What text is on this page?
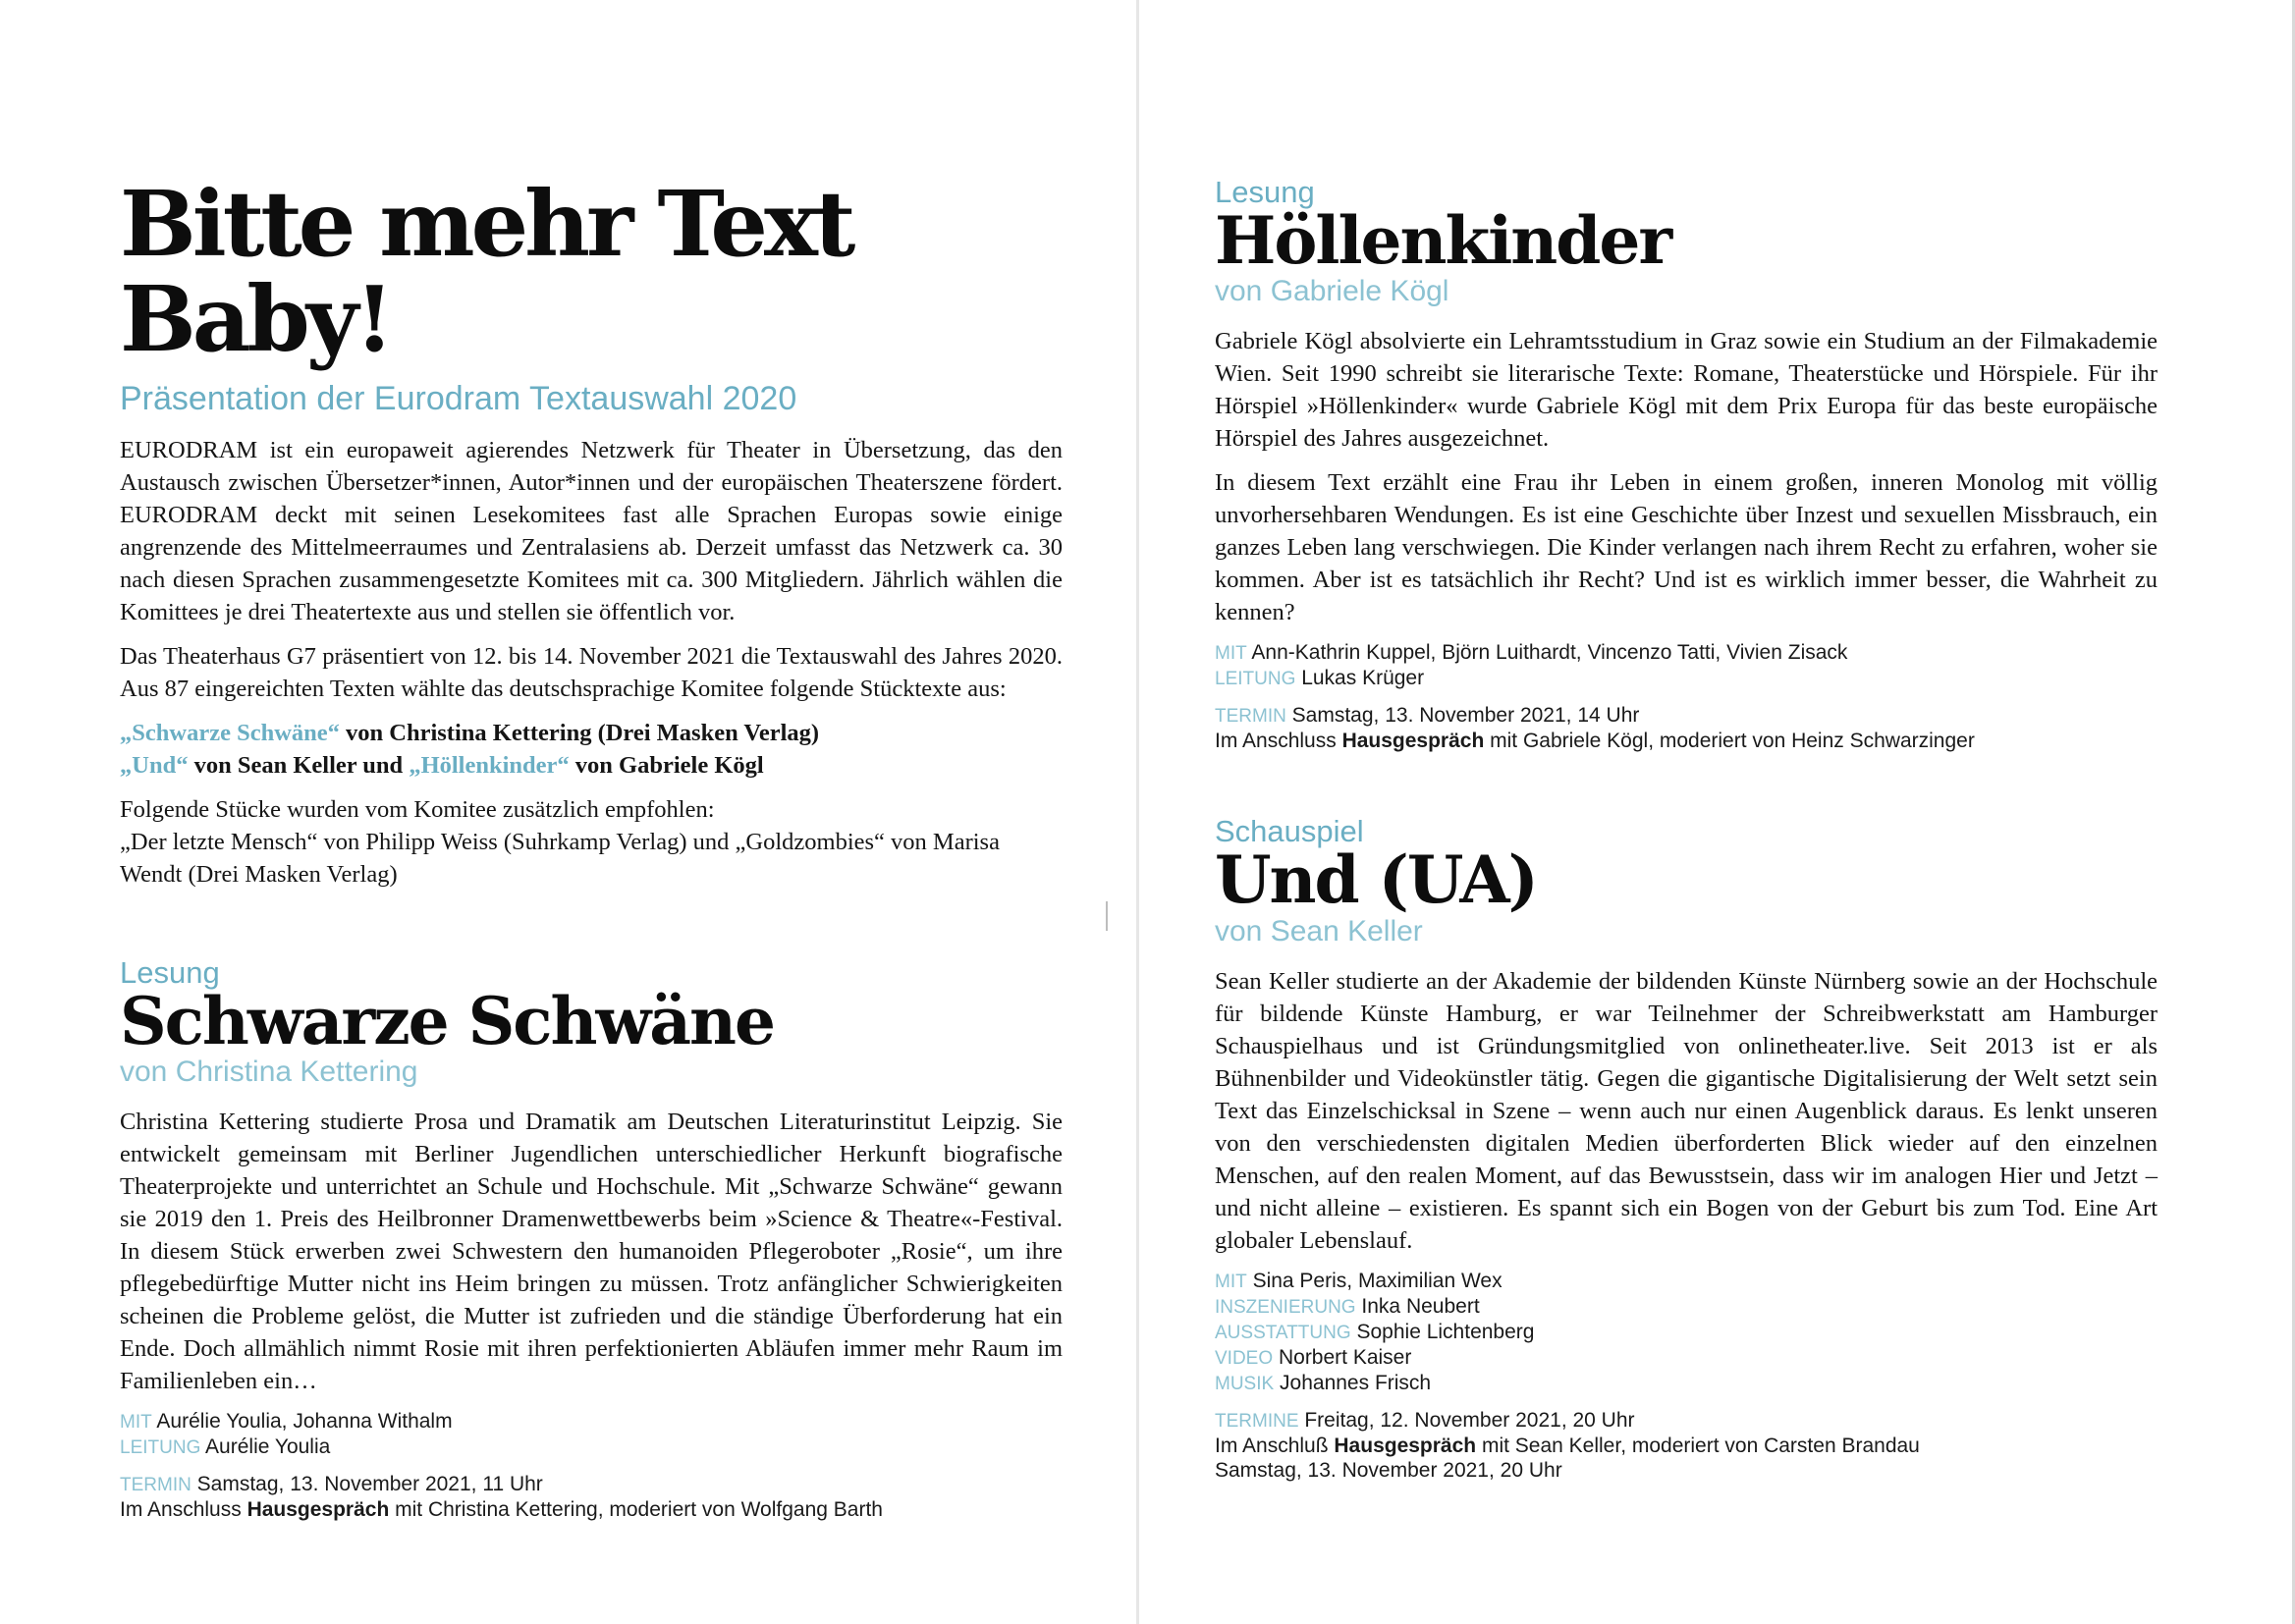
Bitte mehr Text Baby!
Präsentation der Eurodram Textauswahl 2020

EURODRAM ist ein europaweit agierendes Netzwerk für Theater in Übersetzung, das den Austausch zwischen Übersetzer*innen, Autor*innen und der europäischen Theaterszene fördert. EURODRAM deckt mit seinen Lesekomitees fast alle Sprachen Europas sowie einige angrenzende des Mittelmeerraumes und Zentralasiens ab. Derzeit umfasst das Netzwerk ca. 30 nach diesen Sprachen zusammengesetzte Komitees mit ca. 300 Mitgliedern. Jährlich wählen die Komittees je drei Theatertexte aus und stellen sie öffentlich vor.

Das Theaterhaus G7 präsentiert von 12. bis 14. November 2021 die Textauswahl des Jahres 2020. Aus 87 eingereichten Texten wählte das deutschsprachige Komitee folgende Stücktexte aus:

„Schwarze Schwäne“ von Christina Kettering (Drei Masken Verlag)
„Und“ von Sean Keller und „Höllenkinder“ von Gabriele Kögl

Folgende Stücke wurden vom Komitee zusätzlich empfohlen:
„Der letzte Mensch“ von Philipp Weiss (Suhrkamp Verlag) und „Goldzombies“ von Marisa Wendt (Drei Masken Verlag)

Lesung
Schwarze Schwäne
von Christina Kettering

Christina Kettering studierte Prosa und Dramatik am Deutschen Literaturinstitut Leipzig. Sie entwickelt gemeinsam mit Berliner Jugendlichen unterschiedlicher Herkunft biografische Theaterprojekte und unterrichtet an Schule und Hochschule. Mit „Schwarze Schwäne“ gewann sie 2019 den 1. Preis des Heilbronner Dramenwettbewerbs beim »Science & Theatre«-Festival. In diesem Stück erwerben zwei Schwestern den humanoiden Pflegeroboter „Rosie“, um ihre pflegebedürftige Mutter nicht ins Heim bringen zu müssen. Trotz anfänglicher Schwierigkeiten scheinen die Probleme gelöst, die Mutter ist zufrieden und die ständige Überforderung hat ein Ende. Doch allmählich nimmt Rosie mit ihren perfektionierten Abläufen immer mehr Raum im Familienleben ein…

MIT Aurélie Youlia, Johanna Withalm
LEITUNG Aurélie Youlia
TERMIN Samstag, 13. November 2021, 11 Uhr
Im Anschluss Hausgespräch mit Christina Kettering, moderiert von Wolfgang Barth
Lesung
Höllenkinder
von Gabriele Kögl

Gabriele Kögl absolvierte ein Lehramtsstudium in Graz sowie ein Studium an der Filmakademie Wien. Seit 1990 schreibt sie literarische Texte: Romane, Theaterstücke und Hörspiele. Für ihr Hörspiel »Höllenkinder« wurde Gabriele Kögl mit dem Prix Europa für das beste europäische Hörspiel des Jahres ausgezeichnet.

In diesem Text erzählt eine Frau ihr Leben in einem großen, inneren Monolog mit völlig unvorhersehbaren Wendungen. Es ist eine Geschichte über Inzest und sexuellen Missbrauch, ein ganzes Leben lang verschwiegen. Die Kinder verlangen nach ihrem Recht zu erfahren, woher sie kommen. Aber ist es tatsächlich ihr Recht? Und ist es wirklich immer besser, die Wahrheit zu kennen?

MIT Ann-Kathrin Kuppel, Björn Luithardt, Vincenzo Tatti, Vivien Zisack
LEITUNG Lukas Krüger
TERMIN Samstag, 13. November 2021, 14 Uhr
Im Anschluss Hausgespräch mit Gabriele Kögl, moderiert von Heinz Schwarzinger
Schauspiel
Und (UA)
von Sean Keller

Sean Keller studierte an der Akademie der bildenden Künste Nürnberg sowie an der Hochschule für bildende Künste Hamburg, er war Teilnehmer der Schreibwerkstatt am Hamburger Schauspielhaus und ist Gründungsmitglied von onlinetheater.live. Seit 2013 ist er als Bühnenbilder und Videokünstler tätig. Gegen die gigantische Digitalisierung der Welt setzt sein Text das Einzelschicksal in Szene – wenn auch nur einen Augenblick daraus. Es lenkt unseren von den verschiedensten digitalen Medien überforderten Blick wieder auf den einzelnen Menschen, auf den realen Moment, auf das Bewusstsein, dass wir im analogen Hier und Jetzt – und nicht alleine – existieren. Es spannt sich ein Bogen von der Geburt bis zum Tod. Eine Art globaler Lebenslauf.

MIT Sina Peris, Maximilian Wex
INSZENIERUNG Inka Neubert
AUSSTATTUNG Sophie Lichtenberg
VIDEO Norbert Kaiser
MUSIK Johannes Frisch
TERMINE Freitag, 12. November 2021, 20 Uhr
Im Anschluß Hausgespräch mit Sean Keller, moderiert von Carsten Brandau
Samstag, 13. November 2021, 20 Uhr
